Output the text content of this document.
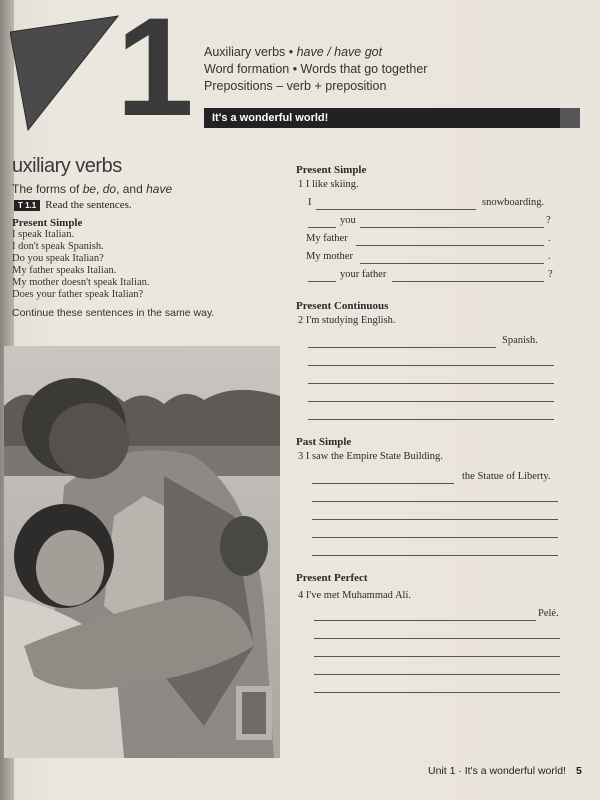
1 Auxiliary verbs • have / have got
Word formation • Words that go together
Prepositions – verb + preposition
It's a wonderful world!
uxiliary verbs
The forms of be, do, and have
T 1.1 Read the sentences.
Present Simple
I speak Italian.
I don't speak Spanish.
Do you speak Italian?
My father speaks Italian.
My mother doesn't speak Italian.
Does your father speak Italian?
Continue these sentences in the same way.
Present Simple
1 I like skiing.
I	snowboarding.
you	?
My father	.
My mother	.
your father	?
Present Continuous
2 I'm studying English.
Spanish.
Past Simple
3 I saw the Empire State Building.
the Statue of Liberty.
Present Perfect
4 I've met Muhammad Ali.
Pelé.
Unit 1 · It's a wonderful world! 5
